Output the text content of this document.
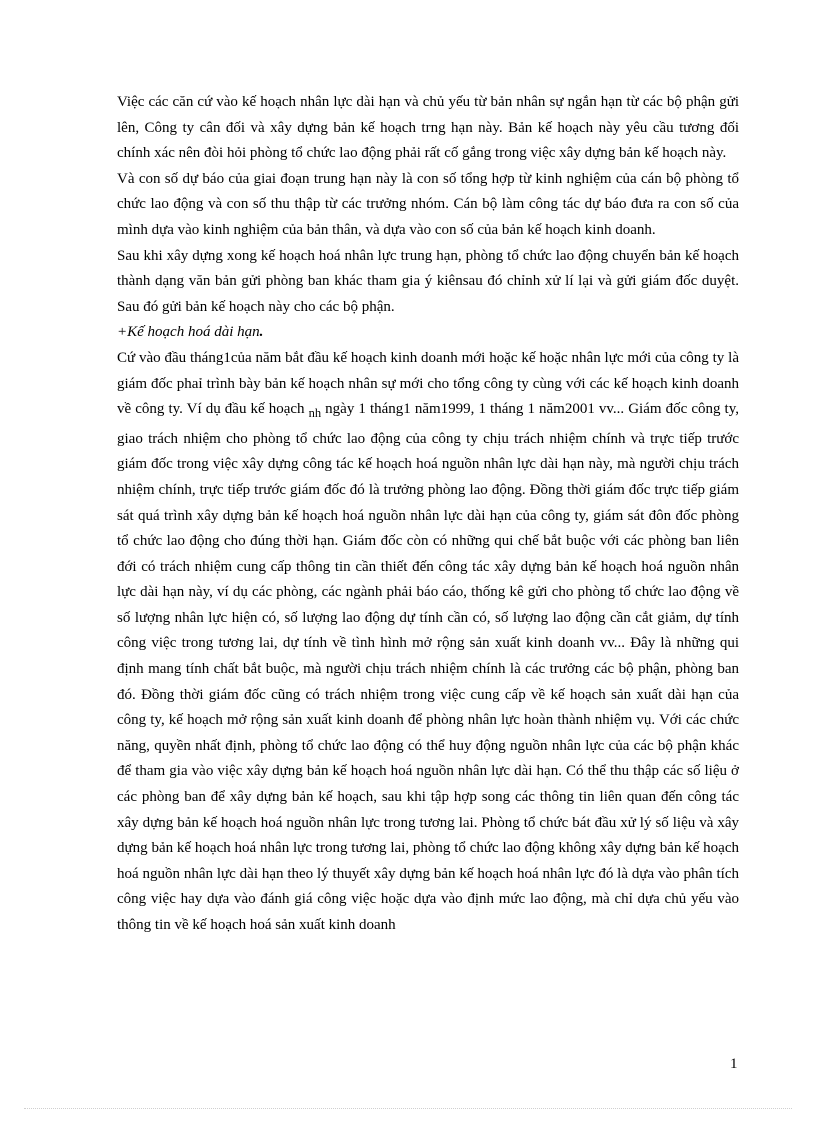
Việc các căn cứ vào kế hoạch nhân lực dài hạn và chủ yếu từ bản nhân sự ngắn hạn từ các bộ phận gửi lên, Công ty cân đối và xây dựng bản kế hoạch trng hạn này. Bản kế hoạch này yêu cầu tương đối chính xác nên đòi hỏi phòng tổ chức lao động phải rất cố gắng trong việc xây dựng bản kế hoạch này.

Và con số dự báo của giai đoạn trung hạn này là con số tổng hợp từ kinh nghiệm của cán bộ phòng tổ chức lao động và con số thu thập từ các trưởng nhóm. Cán bộ làm công tác dự báo đưa ra con số của mình dựa vào kinh nghiệm của bản thân, và dựa vào con số của bản kế hoạch kinh doanh.

Sau khi xây dựng xong kế hoạch hoá nhân lực trung hạn, phòng tổ chức lao động chuyển bản kế hoạch thành dạng văn bản gửi phòng ban khác tham gia ý kiênsau đó chỉnh xử lí lại và gửi giám đốc duyệt. Sau đó gửi bản kế hoạch này cho các bộ phận.

+Kế hoạch hoá dài hạn.

Cứ vào đầu tháng1của năm bắt đầu kế hoạch kinh doanh mới hoặc kế hoặc nhân lực mới của công ty là giám đốc phaỉ trình bày bản kế hoạch nhân sự mới cho tổng công ty cùng với các kế hoạch kinh doanh về công ty. Ví dụ đầu kế hoạch $_{nh}$ ngày 1 tháng1 năm1999, 1 tháng 1 năm2001 vv... Giám đốc công ty, giao trách nhiệm cho phòng tổ chức lao động của công ty chịu trách nhiệm chính và trực tiếp trước giám đốc trong việc xây dựng công tác kế hoạch hoá nguồn nhân lực dài hạn này, mà người chịu trách nhiệm chính, trực tiếp trước giám đốc đó là trưởng phòng lao động. Đồng thời giám đốc trực tiếp giám sát quá trình xây dựng bản kế hoạch hoá nguồn nhân lực dài hạn của công ty, giám sát đôn đốc phòng tổ chức lao động cho đúng thời hạn. Giám đốc còn có những qui chế bắt buộc với các phòng ban liên đới có trách nhiệm cung cấp thông tin cần thiết đến công tác xây dựng bản kế hoạch hoá nguồn nhân lực dài hạn này, ví dụ các phòng, các ngành phải báo cáo, thống kê gửi cho phòng tổ chức lao động về số lượng nhân lực hiện có, số lượng lao động dự tính cần có, số lượng lao động cần cắt giảm, dự tính công việc trong tương lai, dự tính về tình hình mở rộng sản xuất kinh doanh vv... Đây là những qui định mang tính chất bắt buộc, mà người chịu trách nhiệm chính là các trưởng các bộ phận, phòng ban đó. Đồng thời giám đốc cũng có trách nhiệm trong việc cung cấp về kế hoạch sản xuất dài hạn của công ty, kế hoạch mở rộng sản xuất kinh doanh để phòng nhân lực hoàn thành nhiệm vụ. Với các chức năng, quyền nhất định, phòng tổ chức lao động có thể huy động nguồn nhân lực của các bộ phận khác để tham gia vào việc xây dựng bản kế hoạch hoá nguồn nhân lực dài hạn. Có thể thu thập các số liệu ở các phòng ban để xây dựng bản kế hoạch, sau khi tập hợp song các thông tin liên quan đến công tác xây dựng bản kế hoạch hoá nguồn nhân lực trong tương lai. Phòng tổ chức bát đầu xử lý số liệu và xây dựng bản kế hoạch hoá nhân lực trong tương lai, phòng tổ chức lao động không xây dựng bản kế hoạch hoá nguồn nhân lực dài hạn theo lý thuyết xây dựng bản kế hoạch hoá nhân lực đó là dựa vào phân tích công việc hay dựa vào đánh giá công việc hoặc dựa vào định mức lao động, mà chỉ dựa chủ yếu vào thông tin về kế hoạch hoá sản xuất kinh doanh

1
